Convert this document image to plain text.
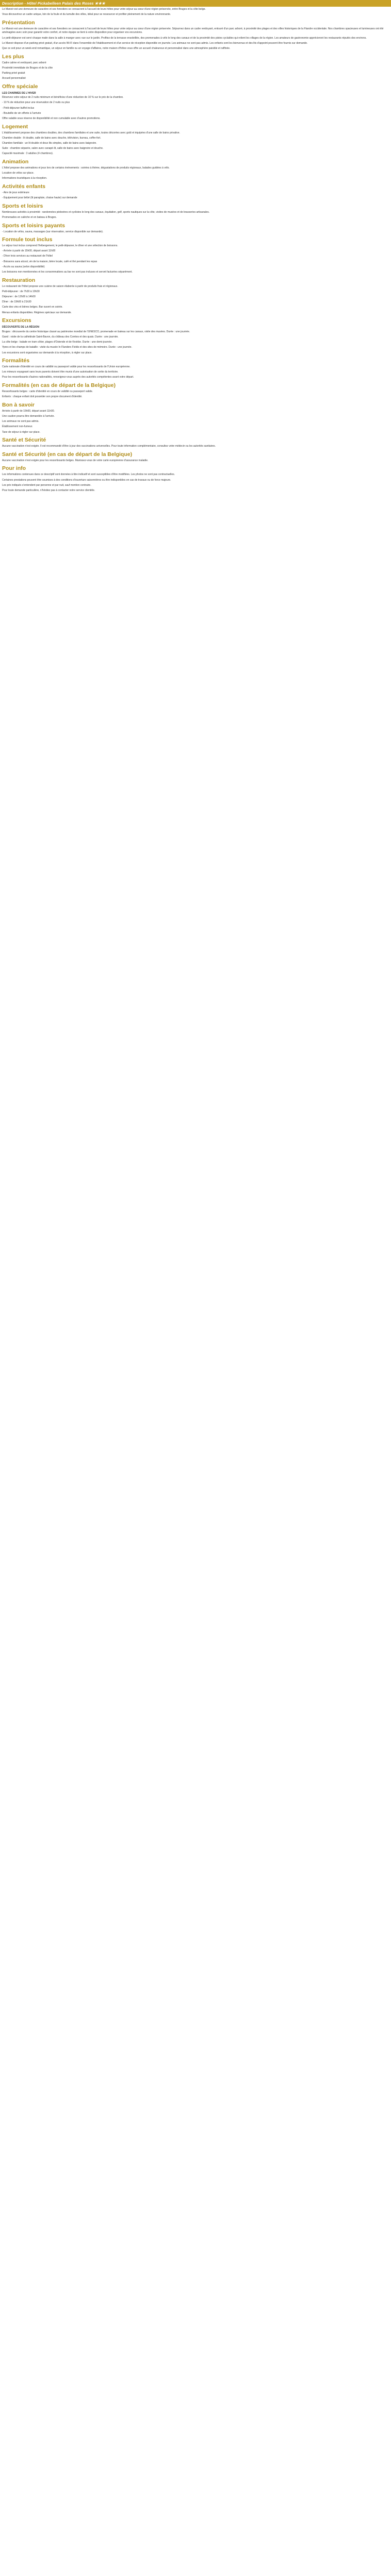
Description - Hôtel Pickabelleen Palais des Roses ★★★

Le Manoir est une demeure de caractère et ses forestiers se consacrent à l'accueil de leurs hôtes pour votre séjour au cœur d'une région préservée, entre Bruges et la côte belge.

Vous découvrirez un cadre unique, loin de la foule et du tumulte des villes, idéal pour se ressourcer et profiter pleinement de la nature environnante.

Présentation

Le Manoir est une demeure de caractère et ses forestiers se consacrent à l'accueil de leurs hôtes pour votre séjour au cœur d'une région préservée. Séjournez dans un cadre verdoyant, entouré d'un parc arboré, à proximité des plages et des villes historiques de la Flandre occidentale. Nos chambres spacieuses et lumineuses ont été aménagées avec soin pour garantir votre confort, et notre équipe se tient à votre disposition pour organiser vos excursions.

Le petit-déjeuner est servi chaque matin dans la salle à manger avec vue sur le jardin. Profitez de la terrasse ensoleillée, des promenades à vélo le long des canaux et de la proximité des pistes cyclables qui relient les villages de la région. Les amateurs de gastronomie apprécieront les restaurants réputés des environs.

Le Manoir dispose d'un parking privé gratuit, d'un accès Wi-Fi dans l'ensemble de l'établissement et d'un service de réception disponible en journée. Les animaux ne sont pas admis. Les enfants sont les bienvenus et des lits d'appoint peuvent être fournis sur demande.

Que ce soit pour un week-end romantique, un séjour en famille ou un voyage d'affaires, notre maison d'hôtes vous offre un accueil chaleureux et personnalisé dans une atmosphère paisible et raffinée.

Les plus

Cadre calme et verdoyant, parc arboré

Proximité immédiate de Bruges et de la côte

Parking privé gratuit

Accueil personnalisé

Offre spéciale
LES CHARMES DE L'HIVER

Réservez votre séjour de 2 nuits minimum et bénéficiez d'une réduction de 10 % sur le prix de la chambre.

- 10 % de réduction pour une réservation de 2 nuits ou plus

- Petit-déjeuner buffet inclus

- Bouteille de vin offerte à l'arrivée

Offre valable sous réserve de disponibilité et non cumulable avec d'autres promotions.

Logement

L'établissement propose des chambres doubles, des chambres familiales et une suite, toutes décorées avec goût et équipées d'une salle de bains privative.

Chambre double : lit double, salle de bains avec douche, télévision, bureau, coffre-fort.

Chambre familiale : un lit double et deux lits simples, salle de bains avec baignoire.

Suite : chambre séparée, salon avec canapé-lit, salle de bains avec baignoire et douche.

Capacité maximale : 3 adultes (4 chambres).

Animation

L'hôtel propose des animations et jeux lors de certains événements : soirées à thème, dégustations de produits régionaux, balades guidées à vélo.

Location de vélos sur place.

Informations touristiques à la réception.

Activités enfants

- Aire de jeux extérieure

- Équipement pour bébé (lit parapluie, chaise haute) sur demande

Sports et loisirs

Nombreuses activités à proximité : randonnées pédestres et cyclistes le long des canaux, équitation, golf, sports nautiques sur la côte, visites de musées et de brasseries artisanales.

Promenades en calèche et en bateau à Bruges.

Sports et loisirs payants

- Location de vélos, sauna, massages (sur réservation, service disponible sur demande).

Formule tout inclus

Le séjour tout inclus comprend l'hébergement, le petit-déjeuner, le dîner et une sélection de boissons.

- Arrivée à partir de 15h00, départ avant 11h00

- Dîner trois services au restaurant de l'hôtel

- Boissons sans alcool, vin de la maison, bière locale, café et thé pendant les repas

- Accès au sauna (selon disponibilité)

Les boissons non mentionnées et les consommations au bar ne sont pas incluses et seront facturées séparément.

Restauration

Le restaurant de l'hôtel propose une cuisine de saison élaborée à partir de produits frais et régionaux.

Petit-déjeuner : de 7h30 à 10h30

Déjeuner : de 12h00 à 14h00

Dîner : de 19h00 à 21h30

Carte des vins et bières belges. Bar ouvert en soirée.

Menus enfants disponibles. Régimes spéciaux sur demande.

Excursions
DÉCOUVERTE DE LA RÉGION

Bruges : découverte du centre historique classé au patrimoine mondial de l'UNESCO, promenade en bateau sur les canaux, visite des musées. Durée : une journée.

Gand : visite de la cathédrale Saint-Bavon, du château des Comtes et des quais. Durée : une journée.

La côte belge : balade en tram côtier, plages d'Ostende et de Knokke. Durée : une demi-journée.

Ypres et les champs de bataille : visite du musée In Flanders Fields et des sites de mémoire. Durée : une journée.

Les excursions sont organisées sur demande à la réception, à régler sur place.

Formalités

Carte nationale d'identité en cours de validité ou passeport valide pour les ressortissants de l'Union européenne.

Les mineurs voyageant sans leurs parents doivent être munis d'une autorisation de sortie du territoire.

Pour les ressortissants d'autres nationalités, renseignez-vous auprès des autorités compétentes avant votre départ.

Formalités (en cas de départ de la Belgique)

Ressortissants belges : carte d'identité en cours de validité ou passeport valide.

Enfants : chaque enfant doit posséder son propre document d'identité.

Bon à savoir

Arrivée à partir de 15h00, départ avant 11h00.

Une caution pourra être demandée à l'arrivée.

Les animaux ne sont pas admis.

Établissement non-fumeur.

Taxe de séjour à régler sur place.

Santé et Sécurité

Aucune vaccination n'est exigée. Il est recommandé d'être à jour des vaccinations universelles. Pour toute information complémentaire, consultez votre médecin ou les autorités sanitaires.

Santé et Sécurité (en cas de départ de la Belgique)

Aucune vaccination n'est exigée pour les ressortissants belges. Munissez-vous de votre carte européenne d'assurance maladie.

Pour info

Les informations contenues dans ce descriptif sont données à titre indicatif et sont susceptibles d'être modifiées. Les photos ne sont pas contractuelles.

Certaines prestations peuvent être soumises à des conditions d'ouverture saisonnières ou être indisponibles en cas de travaux ou de force majeure.

Les prix indiqués s'entendent par personne et par nuit, sauf mention contraire.

Pour toute demande particulière, n'hésitez pas à contacter notre service clientèle.
